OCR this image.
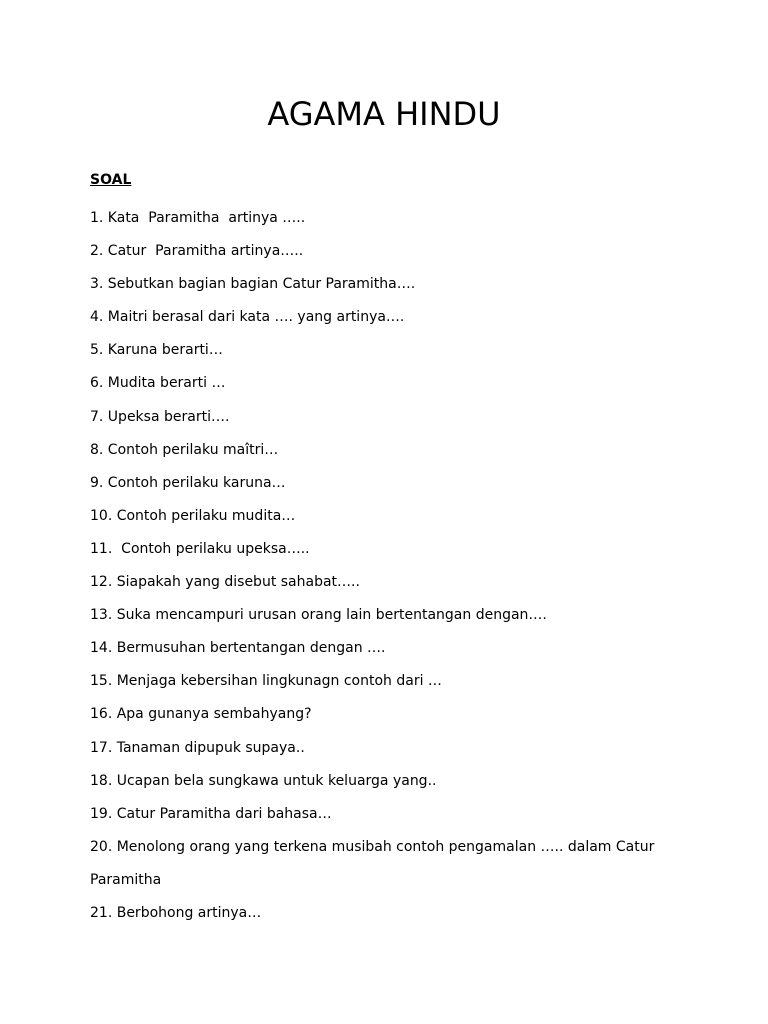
AGAMA HINDU

SOAL

1. Kata  Paramitha  artinya …..
2. Catur  Paramitha artinya…..
3. Sebutkan bagian bagian Catur Paramitha….
4. Maitri berasal dari kata …. yang artinya….
5. Karuna berarti…
6. Mudita berarti …
7. Upeksa berarti….
8. Contoh perilaku maîtri…
9. Contoh perilaku karuna…
10. Contoh perilaku mudita…
11.  Contoh perilaku upeksa…..
12. Siapakah yang disebut sahabat…..
13. Suka mencampuri urusan orang lain bertentangan dengan….
14. Bermusuhan bertentangan dengan ….
15. Menjaga kebersihan lingkunagn contoh dari …
16. Apa gunanya sembahyang?
17. Tanaman dipupuk supaya..
18. Ucapan bela sungkawa untuk keluarga yang..
19. Catur Paramitha dari bahasa…
20. Menolong orang yang terkena musibah contoh pengamalan ….. dalam Catur Paramitha
21. Berbohong artinya…
